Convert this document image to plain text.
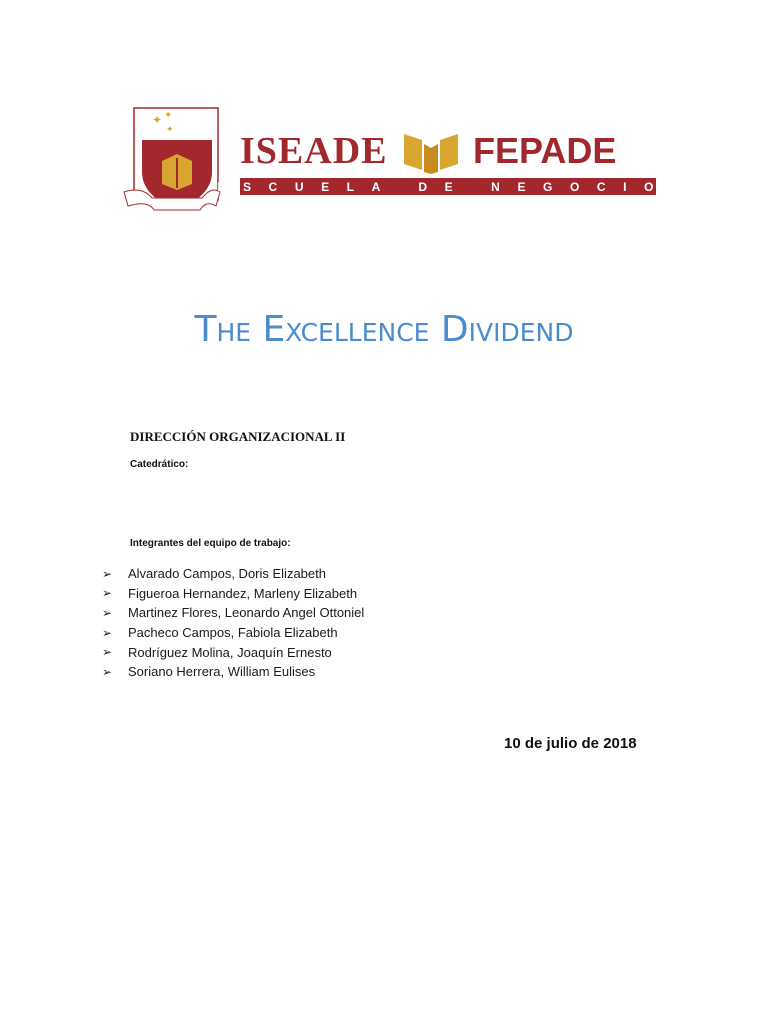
✦ ✦
✦ ISEADE FEPADE
ESCUELA DE NEGOCIOS
The Excellence Dividend
DIRECCIÓN ORGANIZACIONAL II
Catedrático:
Integrantes del equipo de trabajo:
➢	Alvarado Campos, Doris Elizabeth
➢	Figueroa Hernandez, Marleny Elizabeth
➢	Martinez Flores, Leonardo Angel Ottoniel
➢	Pacheco Campos, Fabiola Elizabeth
➢	Rodríguez Molina, Joaquín Ernesto
➢	Soriano Herrera, William Eulises
10 de julio de 2018
